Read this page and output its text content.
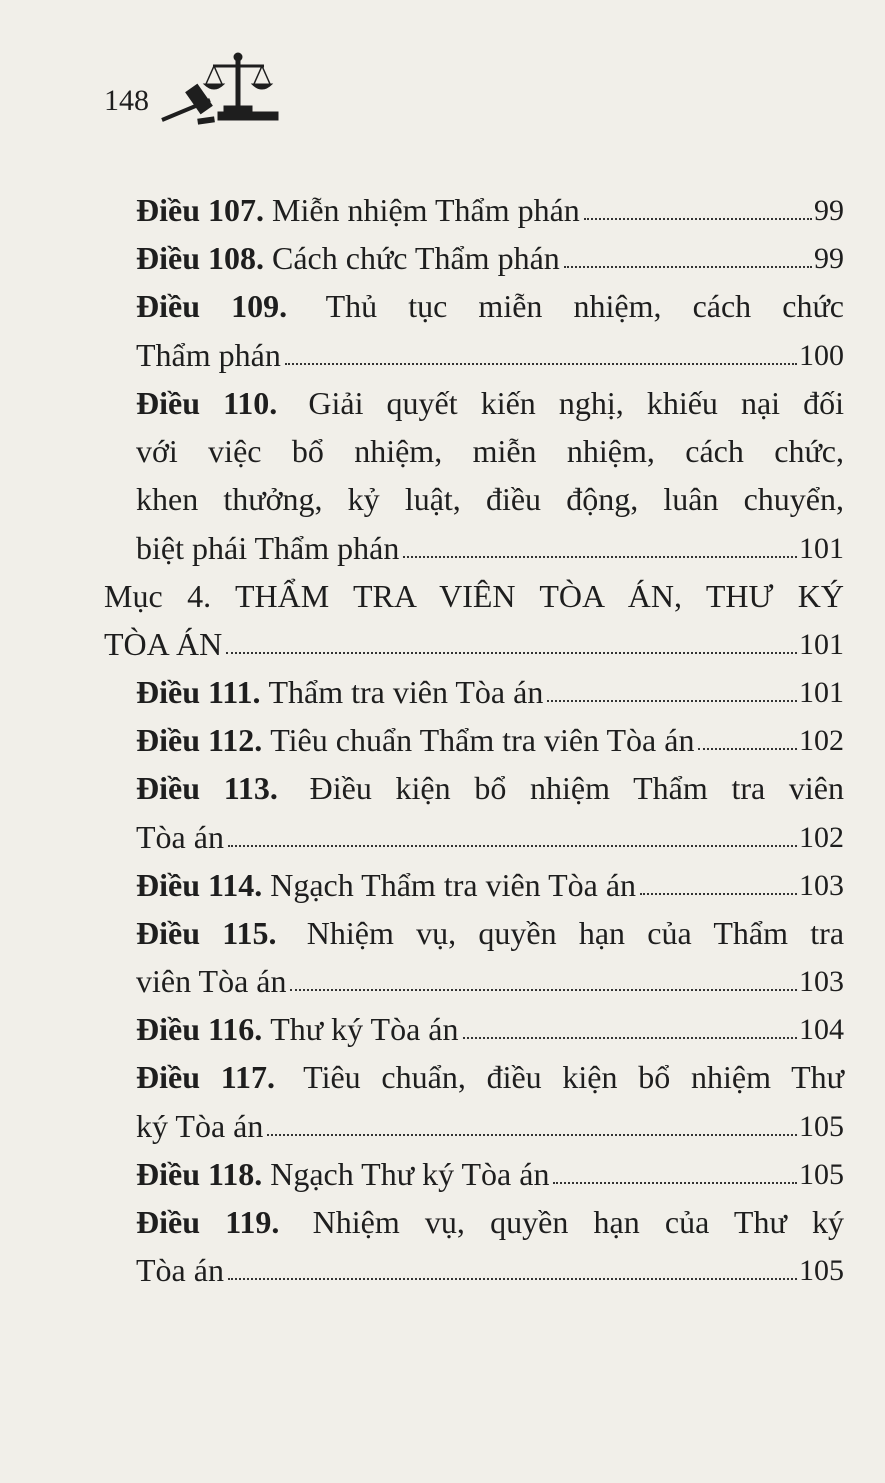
148
Điều 107. Miễn nhiệm Thẩm phán	99
Điều 108. Cách chức Thẩm phán	99
Điều 109. Thủ tục miễn nhiệm, cách chức
Thẩm phán	100
Điều 110. Giải quyết kiến nghị, khiếu nại đối
với việc bổ nhiệm, miễn nhiệm, cách chức,
khen thưởng, kỷ luật, điều động, luân chuyển,
biệt phái Thẩm phán	101
Mục 4. THẨM TRA VIÊN TÒA ÁN, THƯ KÝ
TÒA ÁN	101
Điều 111. Thẩm tra viên Tòa án	101
Điều 112. Tiêu chuẩn Thẩm tra viên Tòa án	102
Điều 113. Điều kiện bổ nhiệm Thẩm tra viên
Tòa án	102
Điều 114. Ngạch Thẩm tra viên Tòa án	103
Điều 115. Nhiệm vụ, quyền hạn của Thẩm tra
viên Tòa án	103
Điều 116. Thư ký Tòa án	104
Điều 117. Tiêu chuẩn, điều kiện bổ nhiệm Thư
ký Tòa án	105
Điều 118. Ngạch Thư ký Tòa án	105
Điều 119. Nhiệm vụ, quyền hạn của Thư ký
Tòa án	105
